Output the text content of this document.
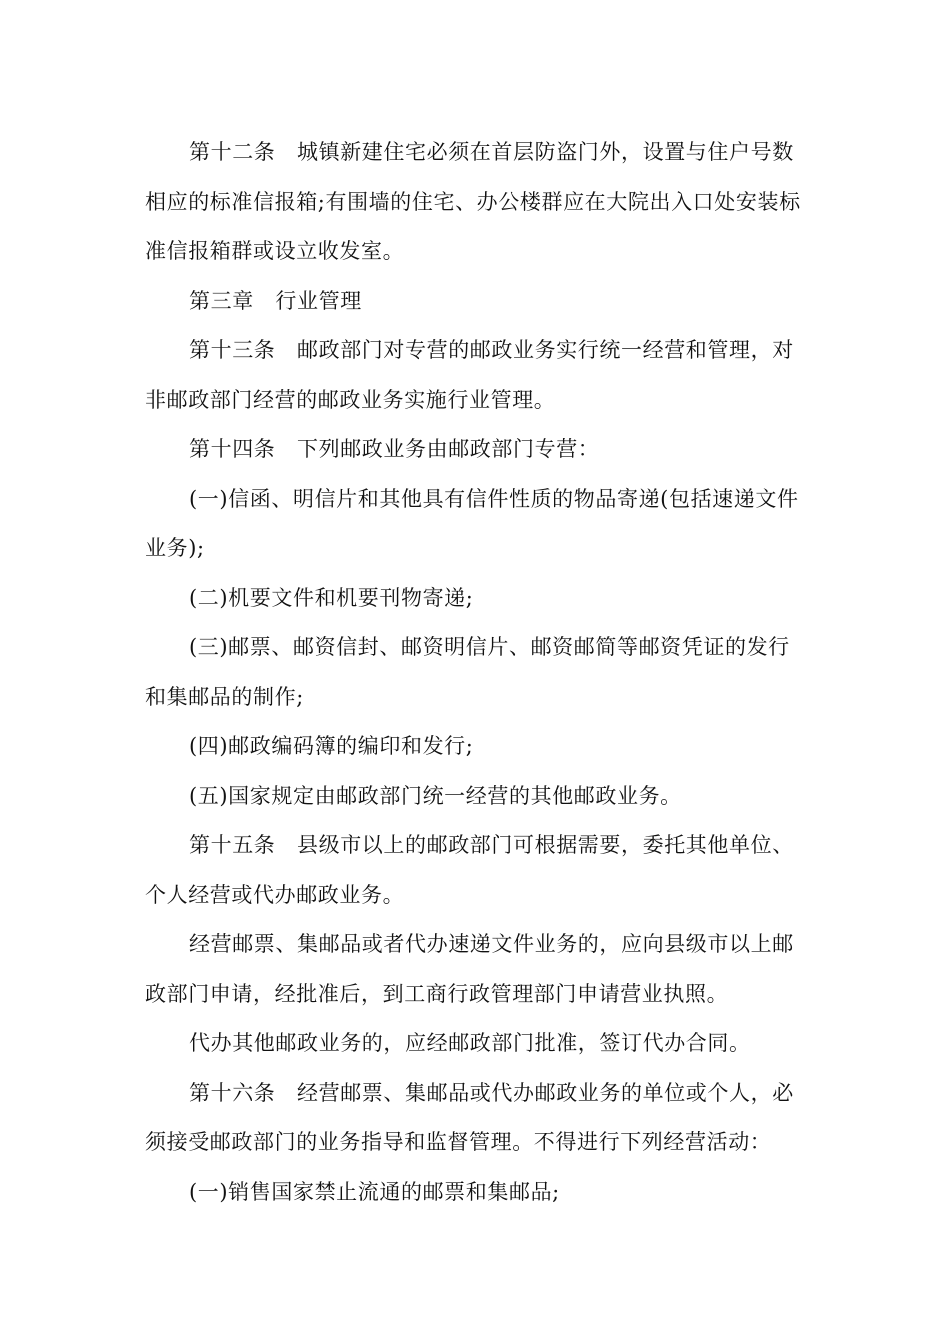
第十二条　城镇新建住宅必须在首层防盗门外，设置与住户号数相应的标准信报箱;有围墙的住宅、办公楼群应在大院出入口处安装标准信报箱群或设立收发室。

第三章　行业管理

第十三条　邮政部门对专营的邮政业务实行统一经营和管理，对非邮政部门经营的邮政业务实施行业管理。

第十四条　下列邮政业务由邮政部门专营：

(一)信函、明信片和其他具有信件性质的物品寄递(包括速递文件业务);

(二)机要文件和机要刊物寄递;

(三)邮票、邮资信封、邮资明信片、邮资邮简等邮资凭证的发行和集邮品的制作;

(四)邮政编码簿的编印和发行;

(五)国家规定由邮政部门统一经营的其他邮政业务。

第十五条　县级市以上的邮政部门可根据需要，委托其他单位、个人经营或代办邮政业务。

经营邮票、集邮品或者代办速递文件业务的，应向县级市以上邮政部门申请，经批准后，到工商行政管理部门申请营业执照。

代办其他邮政业务的，应经邮政部门批准，签订代办合同。

第十六条　经营邮票、集邮品或代办邮政业务的单位或个人，必须接受邮政部门的业务指导和监督管理。不得进行下列经营活动：

(一)销售国家禁止流通的邮票和集邮品;
